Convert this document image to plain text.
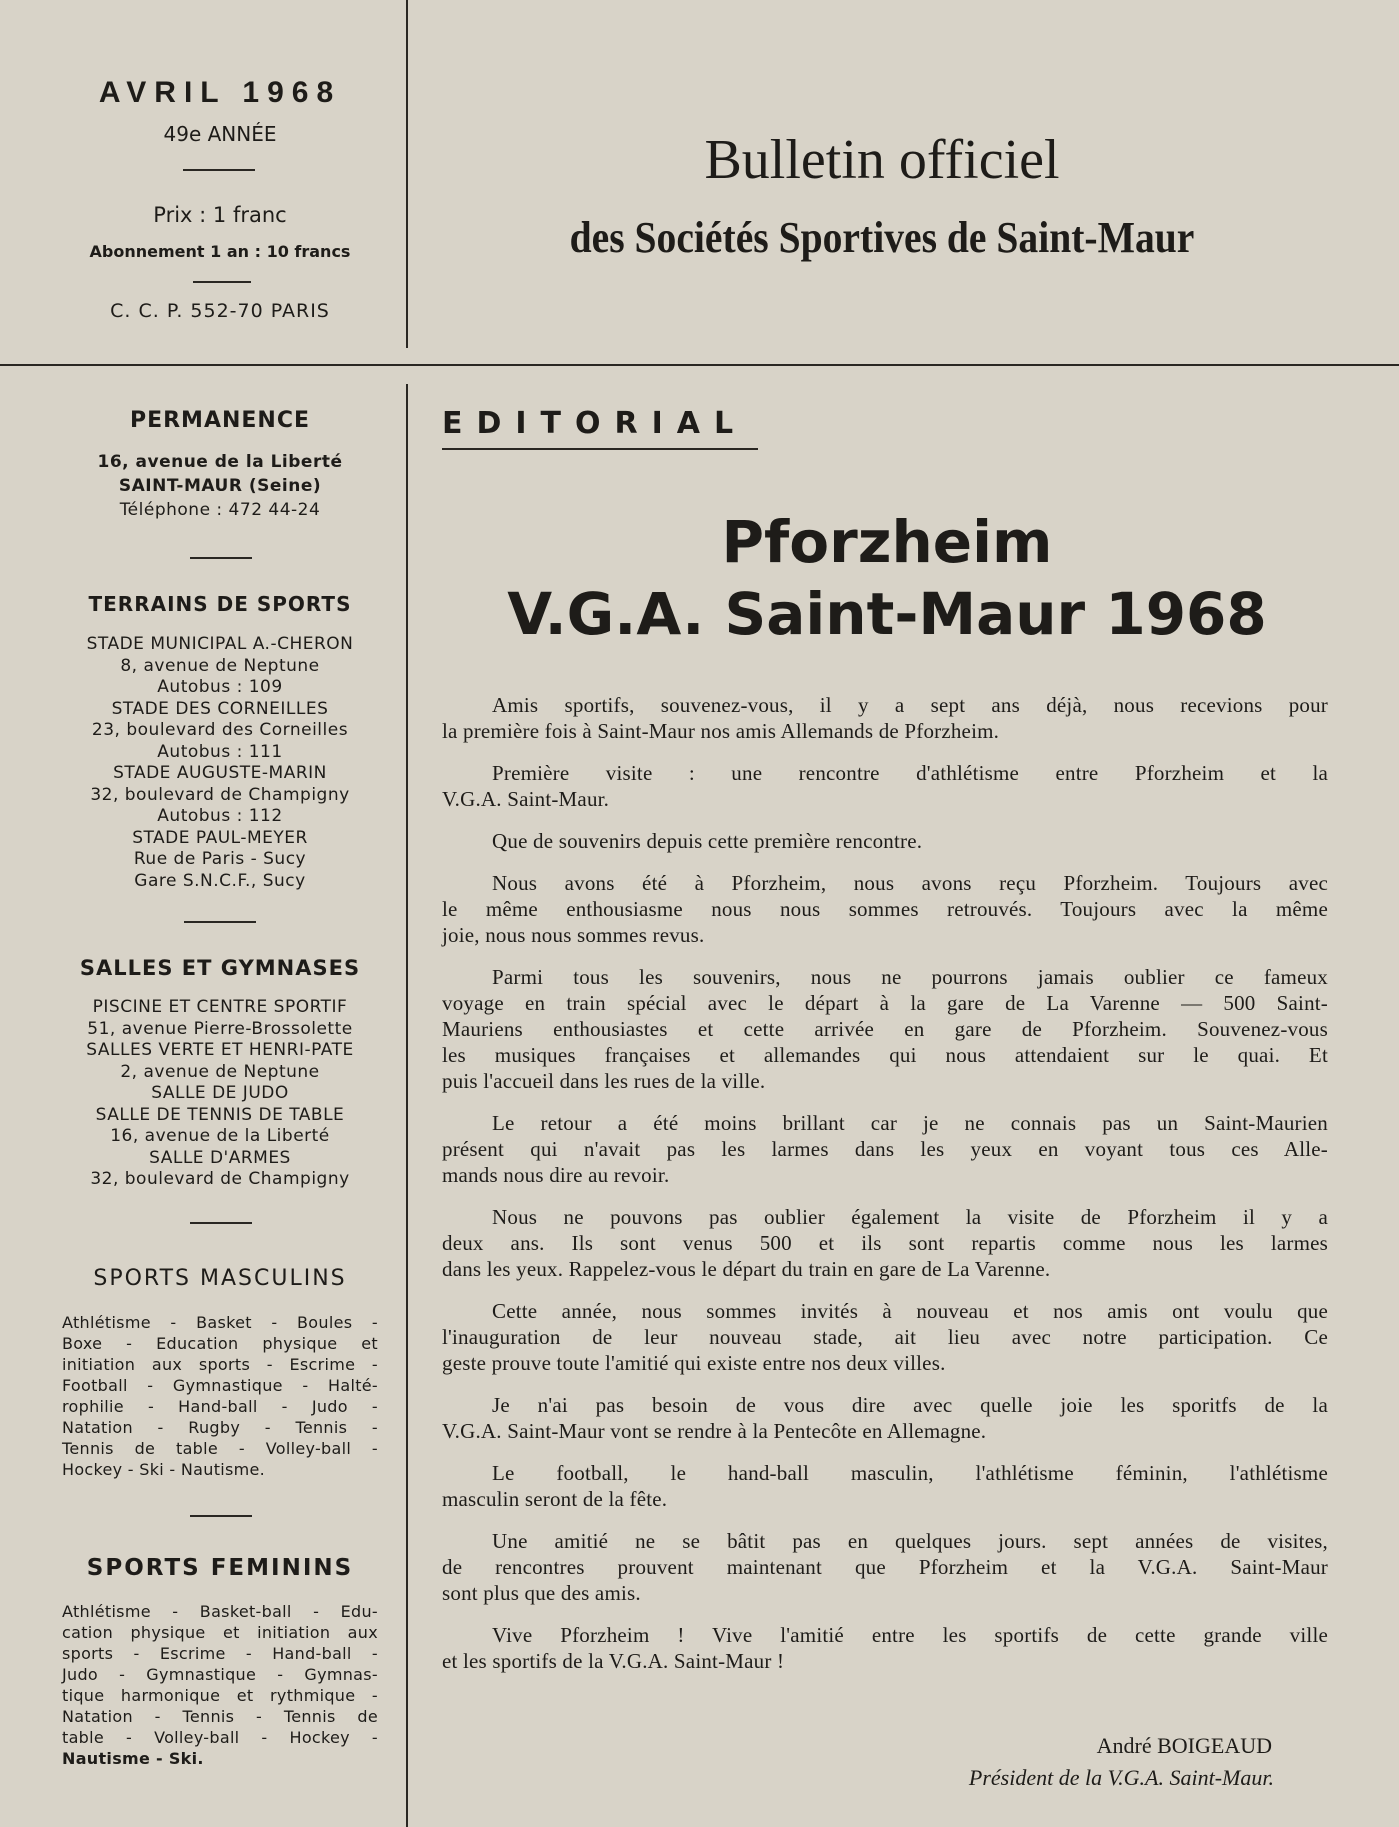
AVRIL 1968
49e ANNÉE
Prix : 1 franc
Abonnement 1 an : 10 francs
C. C. P. 552-70 PARIS
Bulletin officiel
des Sociétés Sportives de Saint-Maur
PERMANENCE
16, avenue de la Liberté
SAINT-MAUR (Seine)
Téléphone : 472 44-24
TERRAINS DE SPORTS
STADE MUNICIPAL A.-CHERON
8, avenue de Neptune
Autobus : 109
STADE DES CORNEILLES
23, boulevard des Corneilles
Autobus : 111
STADE AUGUSTE-MARIN
32, boulevard de Champigny
Autobus : 112
STADE PAUL-MEYER
Rue de Paris - Sucy
Gare S.N.C.F., Sucy
SALLES ET GYMNASES
PISCINE ET CENTRE SPORTIF
51, avenue Pierre-Brossolette
SALLES VERTE ET HENRI-PATE
2, avenue de Neptune
SALLE DE JUDO
SALLE DE TENNIS DE TABLE
16, avenue de la Liberté
SALLE D'ARMES
32, boulevard de Champigny
SPORTS MASCULINS
Athlétisme - Basket - Boules -
Boxe - Education physique et
initiation aux sports - Escrime -
Football - Gymnastique - Halté-
rophilie - Hand-ball - Judo -
Natation - Rugby - Tennis -
Tennis de table - Volley-ball -
Hockey - Ski - Nautisme.
SPORTS FEMININS
Athlétisme - Basket-ball - Edu-
cation physique et initiation aux
sports - Escrime - Hand-ball -
Judo - Gymnastique - Gymnas-
tique harmonique et rythmique -
Natation - Tennis - Tennis de
table - Volley-ball - Hockey -
Nautisme - Ski.
EDITORIAL
Pforzheim
V.G.A. Saint-Maur 1968
Amis sportifs, souvenez-vous, il y a sept ans déjà, nous recevions pour
la première fois à Saint-Maur nos amis Allemands de Pforzheim.
Première visite : une rencontre d'athlétisme entre Pforzheim et la
V.G.A. Saint-Maur.
Que de souvenirs depuis cette première rencontre.
Nous avons été à Pforzheim, nous avons reçu Pforzheim. Toujours avec
le même enthousiasme nous nous sommes retrouvés. Toujours avec la même
joie, nous nous sommes revus.
Parmi tous les souvenirs, nous ne pourrons jamais oublier ce fameux
voyage en train spécial avec le départ à la gare de La Varenne — 500 Saint-
Mauriens enthousiastes et cette arrivée en gare de Pforzheim. Souvenez-vous
les musiques françaises et allemandes qui nous attendaient sur le quai. Et
puis l'accueil dans les rues de la ville.
Le retour a été moins brillant car je ne connais pas un Saint-Maurien
présent qui n'avait pas les larmes dans les yeux en voyant tous ces Alle-
mands nous dire au revoir.
Nous ne pouvons pas oublier également la visite de Pforzheim il y a
deux ans. Ils sont venus 500 et ils sont repartis comme nous les larmes
dans les yeux. Rappelez-vous le départ du train en gare de La Varenne.
Cette année, nous sommes invités à nouveau et nos amis ont voulu que
l'inauguration de leur nouveau stade, ait lieu avec notre participation. Ce
geste prouve toute l'amitié qui existe entre nos deux villes.
Je n'ai pas besoin de vous dire avec quelle joie les sporitfs de la
V.G.A. Saint-Maur vont se rendre à la Pentecôte en Allemagne.
Le football, le hand-ball masculin, l'athlétisme féminin, l'athlétisme
masculin seront de la fête.
Une amitié ne se bâtit pas en quelques jours. sept années de visites,
de rencontres prouvent maintenant que Pforzheim et la V.G.A. Saint-Maur
sont plus que des amis.
Vive Pforzheim ! Vive l'amitié entre les sportifs de cette grande ville
et les sportifs de la V.G.A. Saint-Maur !
André BOIGEAUD
Président de la V.G.A. Saint-Maur.
